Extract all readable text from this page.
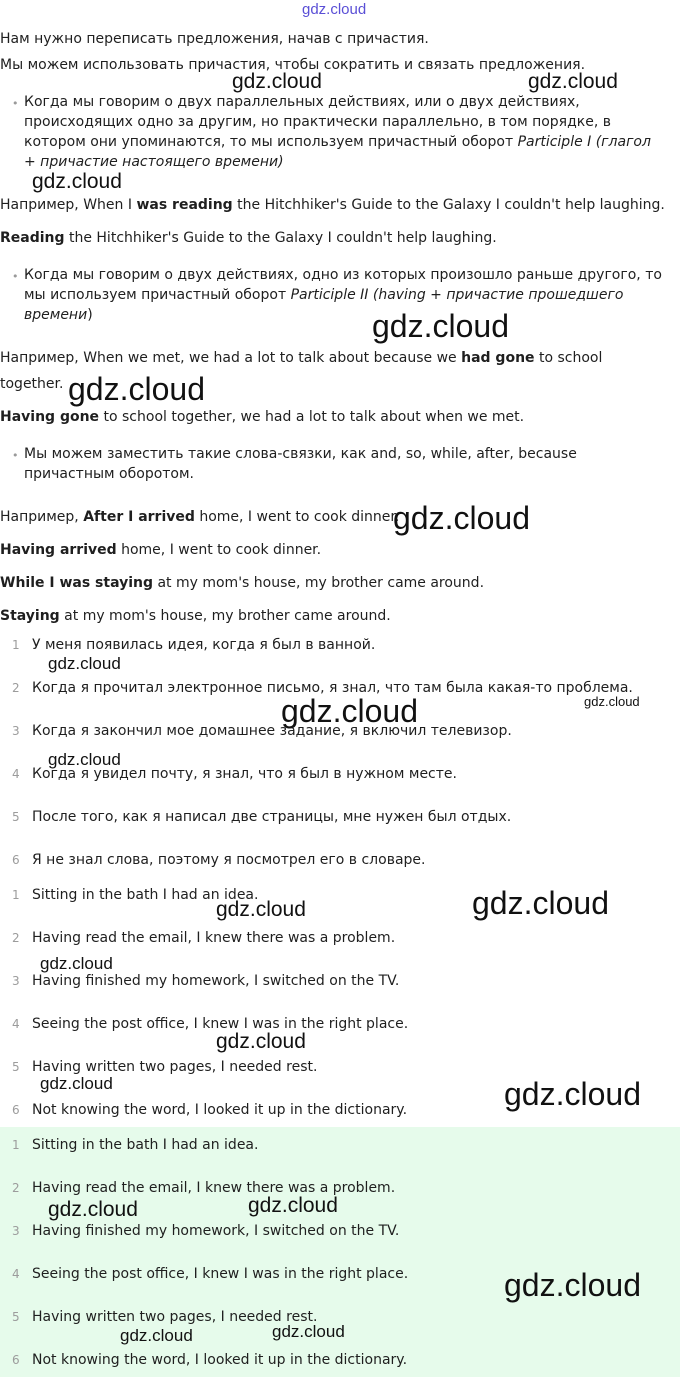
gdz.cloud
Нам нужно переписать предложения, начав с причастия.
Мы можем использовать причастия, чтобы сократить и связать предложения.
• Когда мы говорим о двух параллельных действиях, или о двух действиях,
происходящих одно за другим, но практически параллельно, в том порядке, в
котором они упоминаются, то мы используем причастный оборот Participle I (глагол
+ причастие настоящего времени)
Например, When I was reading the Hitchhiker's Guide to the Galaxy I couldn't help laughing.
Reading the Hitchhiker's Guide to the Galaxy I couldn't help laughing.
• Когда мы говорим о двух действиях, одно из которых произошло раньше другого, то
мы используем причастный оборот Participle II (having + причастие прошедшего
времени)
Например, When we met, we had a lot to talk about because we had gone to school
together.
Having gone to school together, we had a lot to talk about when we met.
• Мы можем заместить такие слова-связки, как and, so, while, after, because
причастным оборотом.
Например, After I arrived home, I went to cook dinner.
Having arrived home, I went to cook dinner.
While I was staying at my mom's house, my brother came around.
Staying at my mom's house, my brother came around.
1 У меня появилась идея, когда я был в ванной.
2 Когда я прочитал электронное письмо, я знал, что там была какая-то проблема.
3 Когда я закончил мое домашнее задание, я включил телевизор.
4 Когда я увидел почту, я знал, что я был в нужном месте.
5 После того, как я написал две страницы, мне нужен был отдых.
6 Я не знал слова, поэтому я посмотрел его в словаре.
1 Sitting in the bath I had an idea.
2 Having read the email, I knew there was a problem.
3 Having finished my homework, I switched on the TV.
4 Seeing the post office, I knew I was in the right place.
5 Having written two pages, I needed rest.
6 Not knowing the word, I looked it up in the dictionary.
1 Sitting in the bath I had an idea.
2 Having read the email, I knew there was a problem.
3 Having finished my homework, I switched on the TV.
4 Seeing the post office, I knew I was in the right place.
5 Having written two pages, I needed rest.
6 Not knowing the word, I looked it up in the dictionary.
gdz.cloud	gdz.cloud
gdz.cloud
gdz.cloud
gdz.cloud
gdz.cloud
gdz.cloud
gdz.cloud
gdz.cloud
gdz.cloud
gdz.cloud
gdz.cloud
gdz.cloud
gdz.cloud
gdz.cloud	gdz.cloud
gdz.cloud
gdz.cloud
gdz.cloud
gdz.cloud	gdz.cloud
